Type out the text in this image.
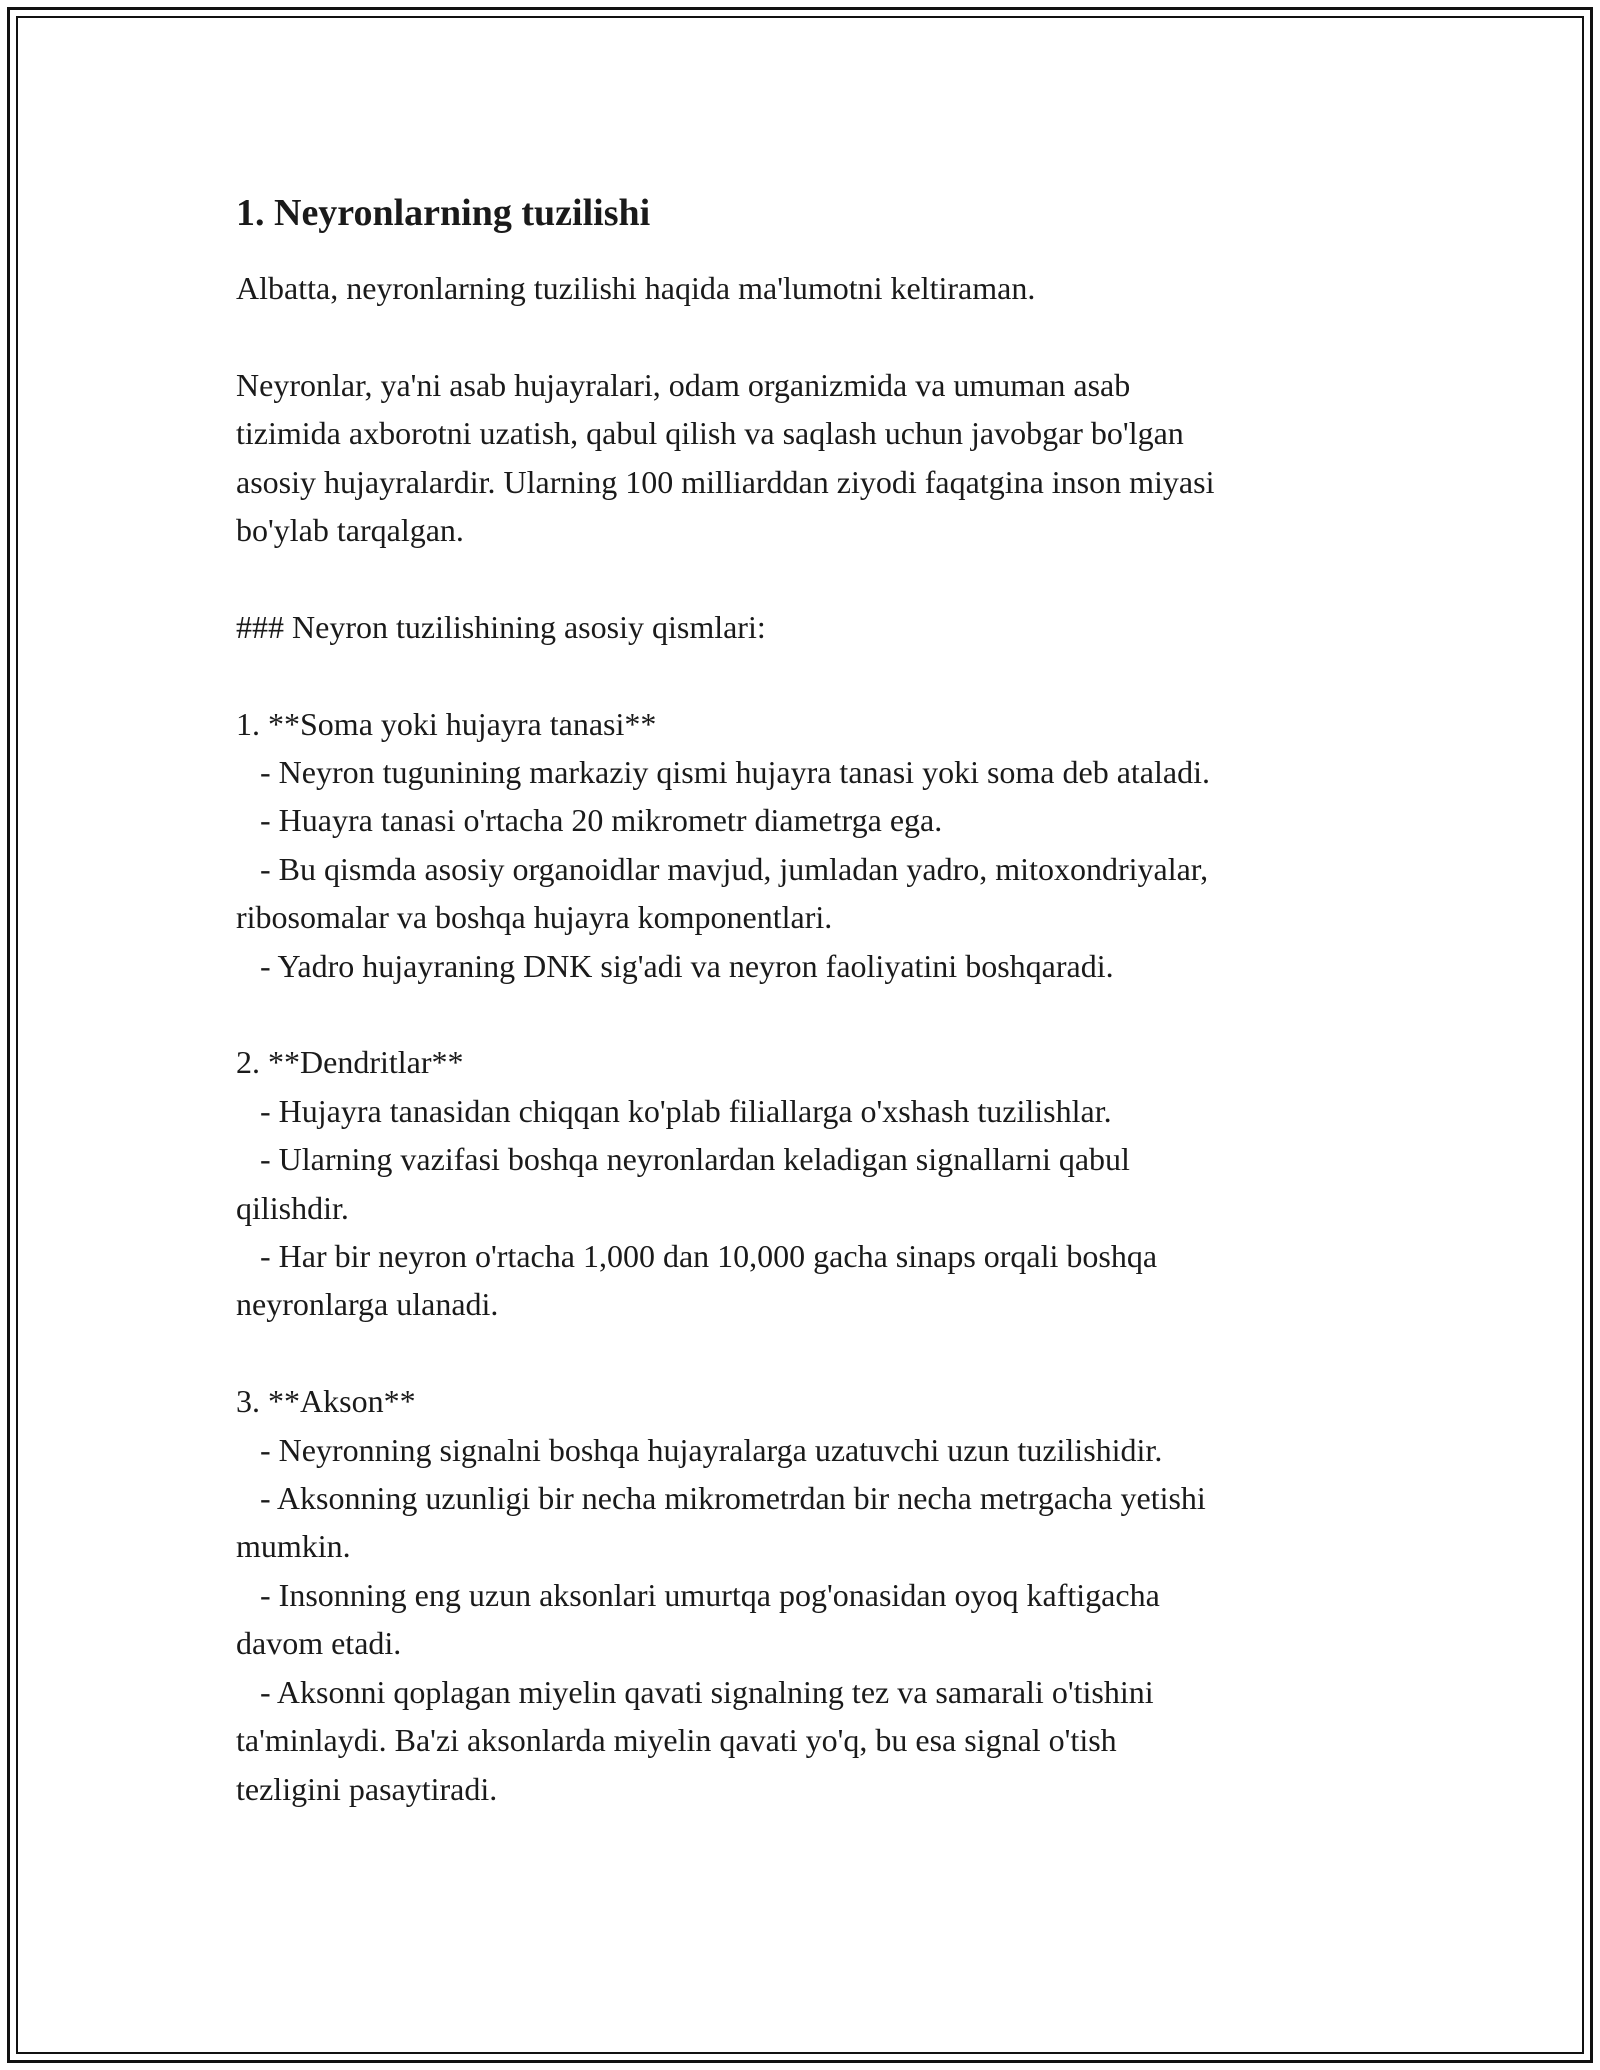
1. Neyronlarning tuzilishi

Albatta, neyronlarning tuzilishi haqida ma'lumotni keltiraman.

Neyronlar, ya'ni asab hujayralari, odam organizmida va umuman asab

tizimida axborotni uzatish, qabul qilish va saqlash uchun javobgar bo'lgan

asosiy hujayralardir. Ularning 100 milliarddan ziyodi faqatgina inson miyasi

bo'ylab tarqalgan.

### Neyron tuzilishining asosiy qismlari:

1. **Soma yoki hujayra tanasi**

- Neyron tugunining markaziy qismi hujayra tanasi yoki soma deb ataladi.

- Huayra tanasi o'rtacha 20 mikrometr diametrga ega.

- Bu qismda asosiy organoidlar mavjud, jumladan yadro, mitoxondriyalar,

ribosomalar va boshqa hujayra komponentlari.

- Yadro hujayraning DNK sig'adi va neyron faoliyatini boshqaradi.

2. **Dendritlar**

- Hujayra tanasidan chiqqan ko'plab filiallarga o'xshash tuzilishlar.

- Ularning vazifasi boshqa neyronlardan keladigan signallarni qabul

qilishdir.

- Har bir neyron o'rtacha 1,000 dan 10,000 gacha sinaps orqali boshqa

neyronlarga ulanadi.

3. **Akson**

- Neyronning signalni boshqa hujayralarga uzatuvchi uzun tuzilishidir.

- Aksonning uzunligi bir necha mikrometrdan bir necha metrgacha yetishi

mumkin.

- Insonning eng uzun aksonlari umurtqa pog'onasidan oyoq kaftigacha

davom etadi.

- Aksonni qoplagan miyelin qavati signalning tez va samarali o'tishini

ta'minlaydi. Ba'zi aksonlarda miyelin qavati yo'q, bu esa signal o'tish

tezligini pasaytiradi.
